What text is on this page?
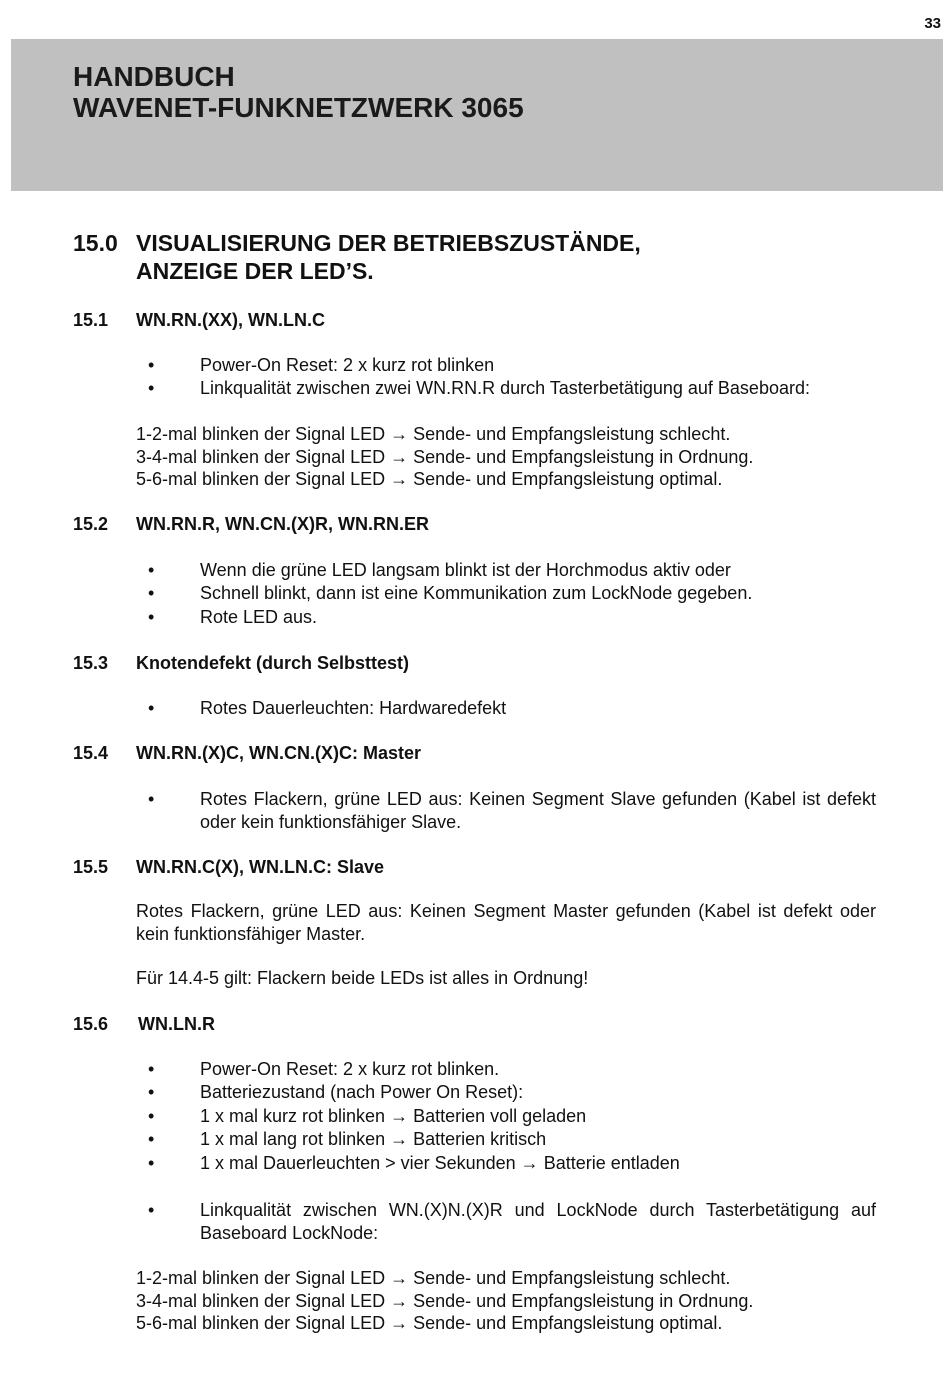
33
HANDBUCH
WAVENET-FUNKNETZWERK 3065
15.0 VISUALISIERUNG DER BETRIEBSZUSTÄNDE,
ANZEIGE DER LED’S.
15.1 WN.RN.(XX), WN.LN.C
•	Power-On Reset: 2 x kurz rot blinken
•	Linkqualität zwischen zwei WN.RN.R durch Tasterbetätigung auf Baseboard:
1-2-mal blinken der Signal LED → Sende- und Empfangsleistung schlecht.
3-4-mal blinken der Signal LED → Sende- und Empfangsleistung in Ordnung.
5-6-mal blinken der Signal LED → Sende- und Empfangsleistung optimal.
15.2 WN.RN.R, WN.CN.(X)R, WN.RN.ER
•	Wenn die grüne LED langsam blinkt ist der Horchmodus aktiv oder
•	Schnell blinkt, dann ist eine Kommunikation zum LockNode gegeben.
•	Rote LED aus.
15.3 Knotendefekt (durch Selbsttest)
•	Rotes Dauerleuchten: Hardwaredefekt
15.4 WN.RN.(X)C, WN.CN.(X)C: Master
•	Rotes Flackern, grüne LED aus: Keinen Segment Slave gefunden (Kabel ist defekt oder kein funktionsfähiger Slave.
15.5 WN.RN.C(X), WN.LN.C: Slave
Rotes Flackern, grüne LED aus: Keinen Segment Master gefunden (Kabel ist defekt oder kein funktionsfähiger Master.
Für 14.4-5 gilt: Flackern beide LEDs ist alles in Ordnung!
15.6 WN.LN.R
•	Power-On Reset: 2 x kurz rot blinken.
•	Batteriezustand (nach Power On Reset):
•	1 x mal kurz rot blinken → Batterien voll geladen
•	1 x mal lang rot blinken → Batterien kritisch
•	1 x mal Dauerleuchten > vier Sekunden → Batterie entladen
•	Linkqualität zwischen WN.(X)N.(X)R und LockNode durch Tasterbetätigung auf Baseboard LockNode:
1-2-mal blinken der Signal LED → Sende- und Empfangsleistung schlecht.
3-4-mal blinken der Signal LED → Sende- und Empfangsleistung in Ordnung.
5-6-mal blinken der Signal LED → Sende- und Empfangsleistung optimal.
